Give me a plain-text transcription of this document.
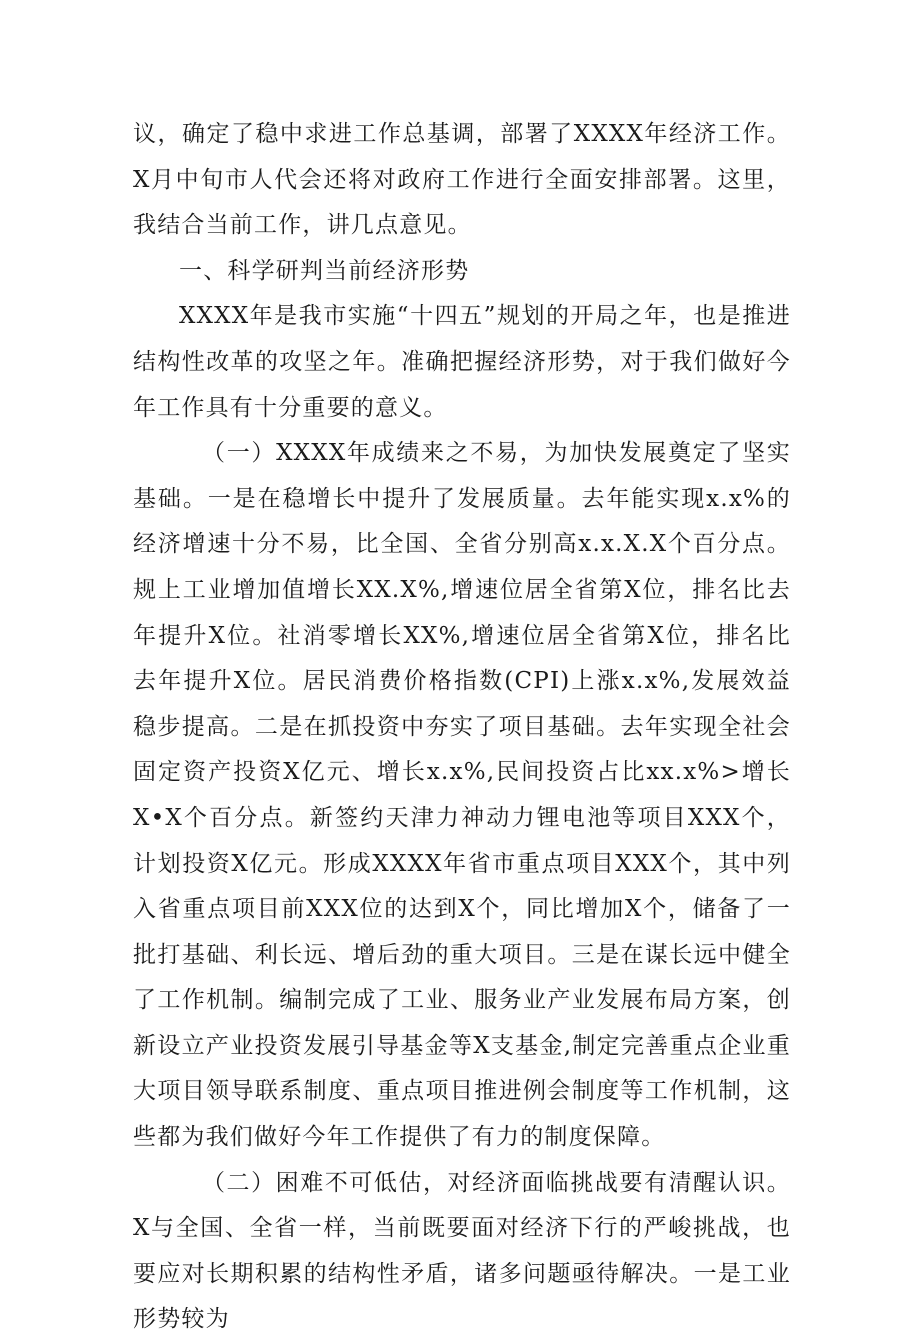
议，确定了稳中求进工作总基调，部署了XXXX年经济工作。X月中旬市人代会还将对政府工作进行全面安排部署。这里，我结合当前工作，讲几点意见。

一、科学研判当前经济形势

XXXX年是我市实施“十四五”规划的开局之年，也是推进结构性改革的攻坚之年。准确把握经济形势，对于我们做好今年工作具有十分重要的意义。

（一）XXXX年成绩来之不易，为加快发展奠定了坚实基础。一是在稳增长中提升了发展质量。去年能实现x.x%的经济增速十分不易，比全国、全省分别高x.x.X.X个百分点。规上工业增加值增长XX.X%,增速位居全省第X位，排名比去年提升X位。社消零增长XX%,增速位居全省第X位，排名比去年提升X位。居民消费价格指数(CPI)上涨x.x%,发展效益稳步提高。二是在抓投资中夯实了项目基础。去年实现全社会固定资产投资X亿元、增长x.x%,民间投资占比xx.x%>增长X•X个百分点。新签约天津力神动力锂电池等项目XXX个，计划投资X亿元。形成XXXX年省市重点项目XXX个，其中列入省重点项目前XXX位的达到X个，同比增加X个，储备了一批打基础、利长远、增后劲的重大项目。三是在谋长远中健全了工作机制。编制完成了工业、服务业产业发展布局方案，创新设立产业投资发展引导基金等X支基金,制定完善重点企业重大项目领导联系制度、重点项目推进例会制度等工作机制，这些都为我们做好今年工作提供了有力的制度保障。

（二）困难不可低估，对经济面临挑战要有清醒认识。X与全国、全省一样，当前既要面对经济下行的严峻挑战，也要应对长期积累的结构性矛盾，诸多问题亟待解决。一是工业形势较为
